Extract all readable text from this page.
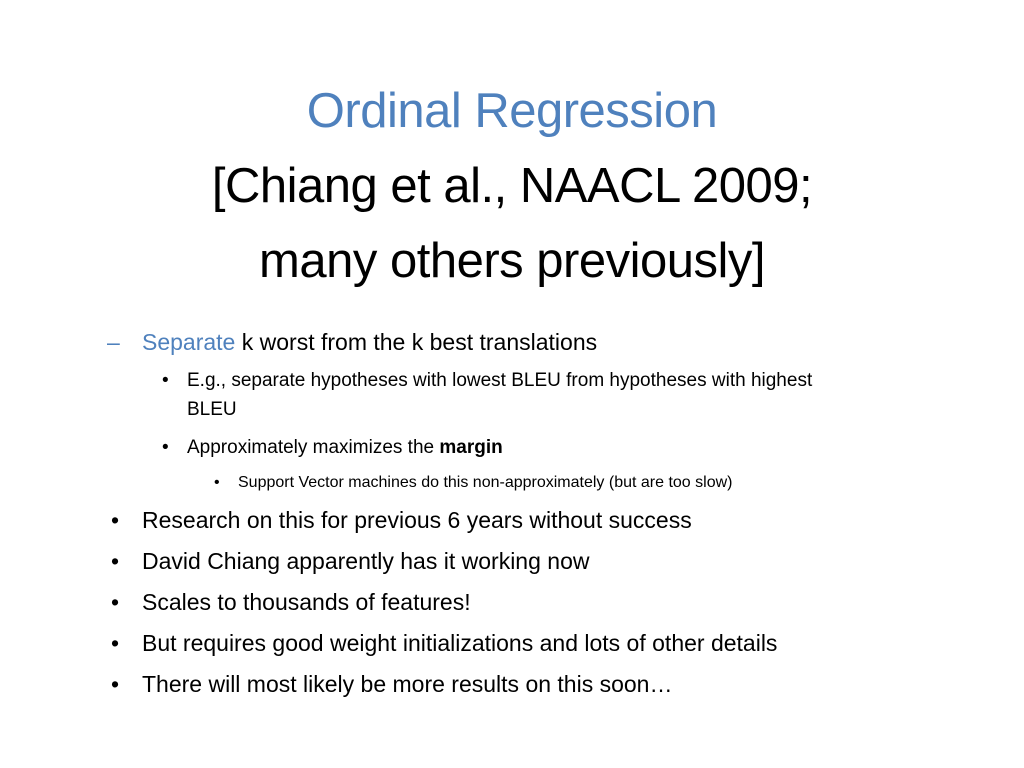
Ordinal Regression
[Chiang et al., NAACL 2009;
many others previously]
– Separate k worst from the k best translations
• E.g., separate hypotheses with lowest BLEU from hypotheses with highest
BLEU
• Approximately maximizes the margin
• Support Vector machines do this non-approximately (but are too slow)
• Research on this for previous 6 years without success
• David Chiang apparently has it working now
• Scales to thousands of features!
• But requires good weight initializations and lots of other details
• There will most likely be more results on this soon…
